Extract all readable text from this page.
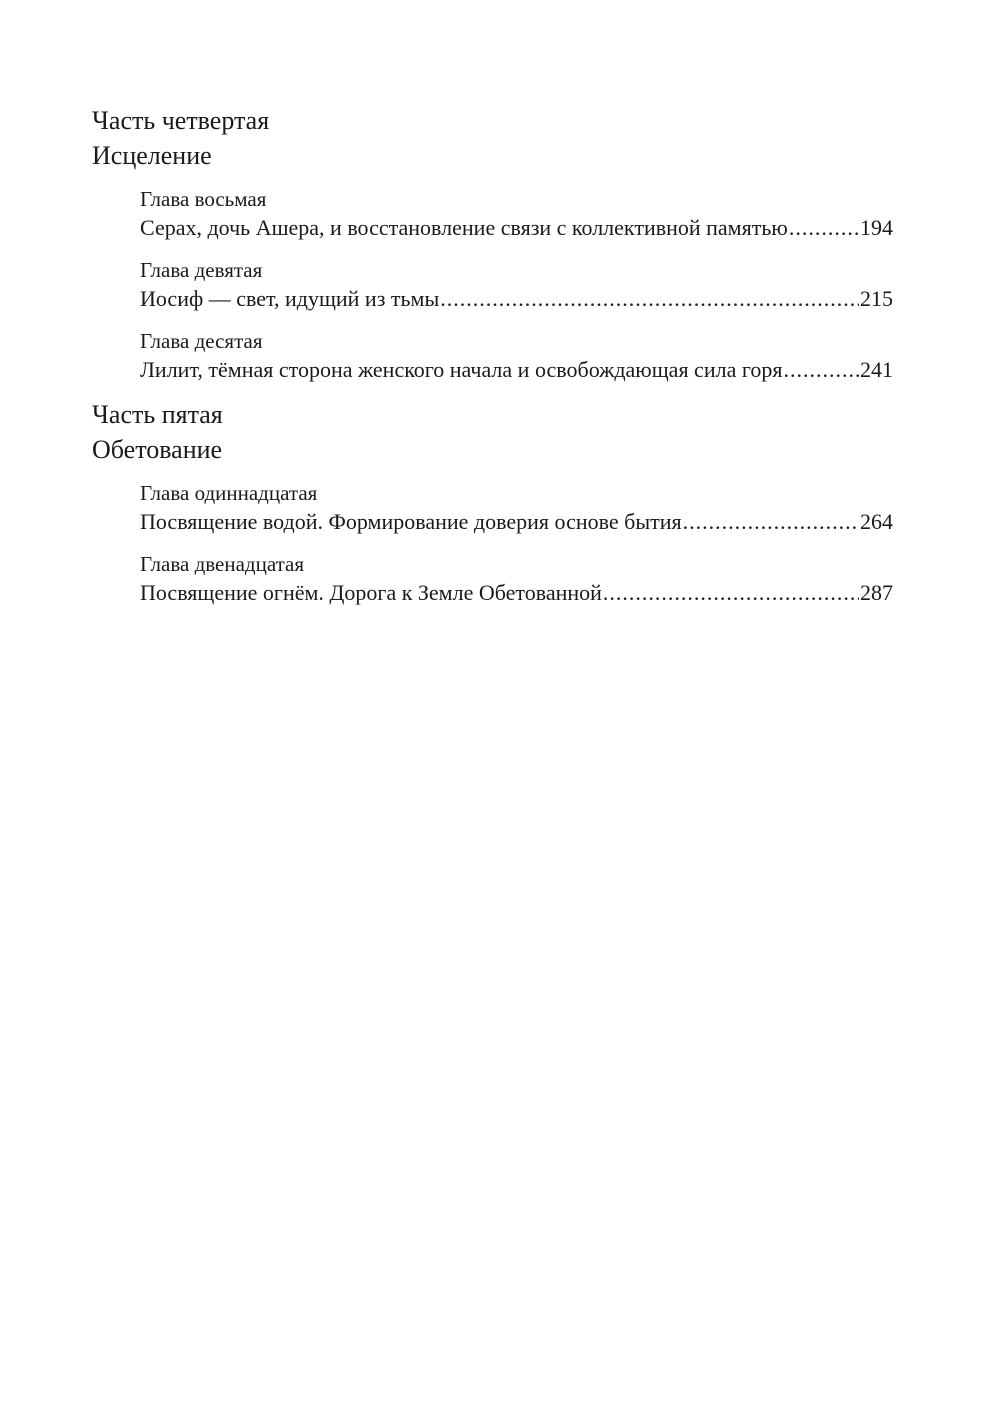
Часть четвертая
Исцеление
Глава восьмая
Серах, дочь Ашера, и восстановление связи с коллективной памятью .....	194
Глава девятая
Иосиф — свет, идущий из тьмы .....	215
Глава десятая
Лилит, тёмная сторона женского начала и освобождающая сила горя .....	241
Часть пятая
Обетование
Глава одиннадцатая
Посвящение водой. Формирование доверия основе бытия .....	264
Глава двенадцатая
Посвящение огнём. Дорога к Земле Обетованной .....	287
